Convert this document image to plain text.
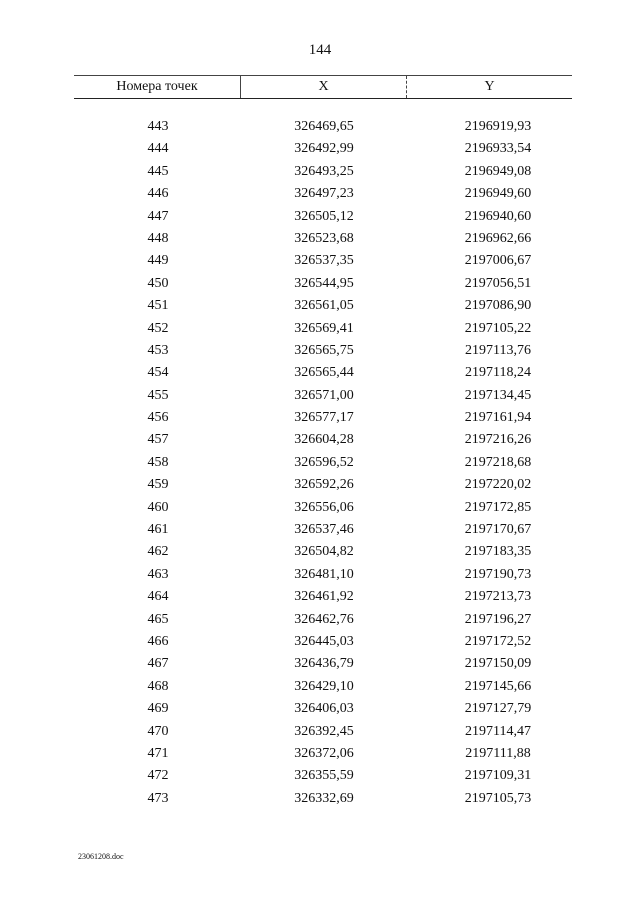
144
Номера точек	X	Y
443	326469,65	2196919,93
444	326492,99	2196933,54
445	326493,25	2196949,08
446	326497,23	2196949,60
447	326505,12	2196940,60
448	326523,68	2196962,66
449	326537,35	2197006,67
450	326544,95	2197056,51
451	326561,05	2197086,90
452	326569,41	2197105,22
453	326565,75	2197113,76
454	326565,44	2197118,24
455	326571,00	2197134,45
456	326577,17	2197161,94
457	326604,28	2197216,26
458	326596,52	2197218,68
459	326592,26	2197220,02
460	326556,06	2197172,85
461	326537,46	2197170,67
462	326504,82	2197183,35
463	326481,10	2197190,73
464	326461,92	2197213,73
465	326462,76	2197196,27
466	326445,03	2197172,52
467	326436,79	2197150,09
468	326429,10	2197145,66
469	326406,03	2197127,79
470	326392,45	2197114,47
471	326372,06	2197111,88
472	326355,59	2197109,31
473	326332,69	2197105,73
23061208.doc
